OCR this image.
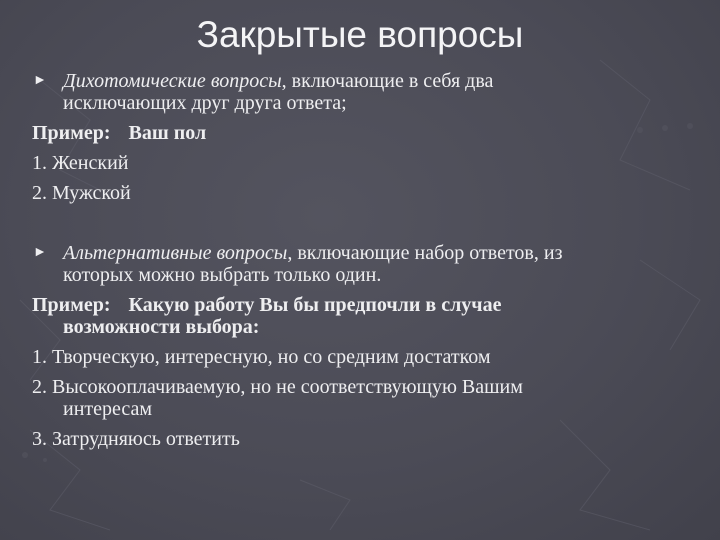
Закрытые вопросы
► Дихотомические вопросы, включающие в себя два
исключающих друг друга ответа;
Пример: Ваш пол
1. Женский
2. Мужской
► Альтернативные вопросы, включающие набор ответов, из
которых можно выбрать только один.
Пример: Какую работу Вы бы предпочли в случае
возможности выбора:
1. Творческую, интересную, но со средним достатком
2. Высокооплачиваемую, но не соответствующую Вашим
интересам
3. Затрудняюсь ответить
